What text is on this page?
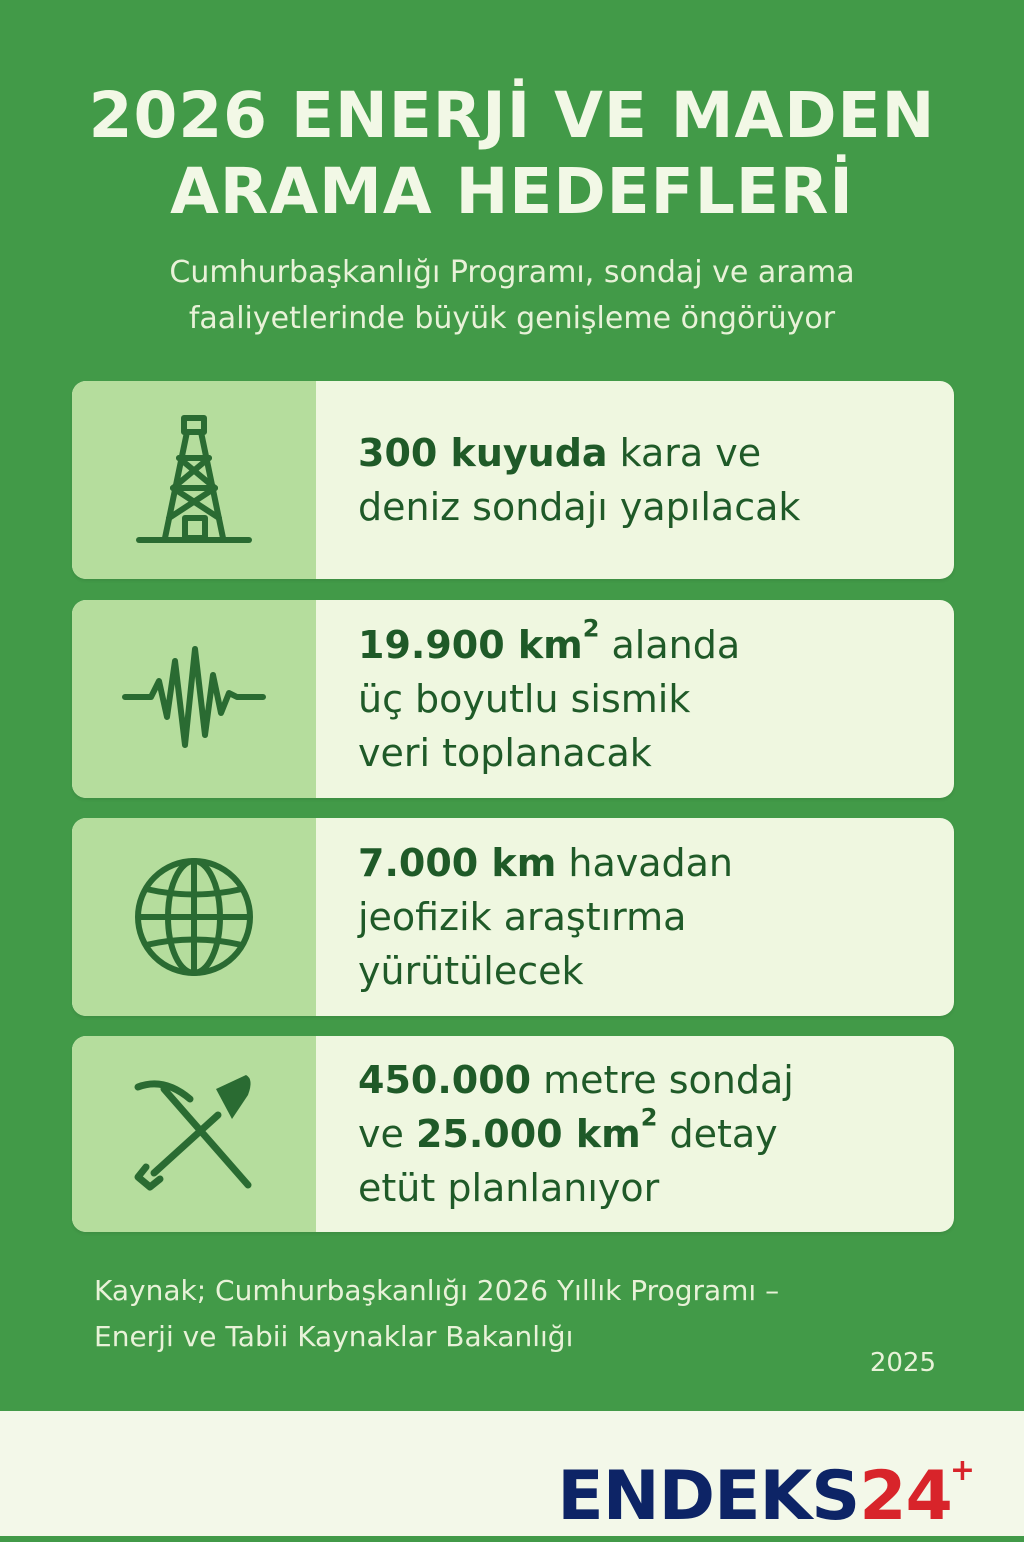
2026 ENERJİ VE MADEN
ARAMA HEDEFLERİ
Cumhurbaşkanlığı Programı, sondaj ve arama
faaliyetlerinde büyük genişleme öngörüyor
300 kuyuda kara ve
deniz sondajı yapılacak
19.900 $km^2$ alanda
üç boyutlu sismik
veri toplanacak
7.000 km havadan
jeofizik araştırma
yürütülecek
450.000 metre sondaj
ve 25.000 $km^2$ detay
etüt planlanıyor
Kaynak; Cumhurbaşkanlığı 2026 Yıllık Programı –
Enerji ve Tabii Kaynaklar Bakanlığı
2025
ENDEKS24+
